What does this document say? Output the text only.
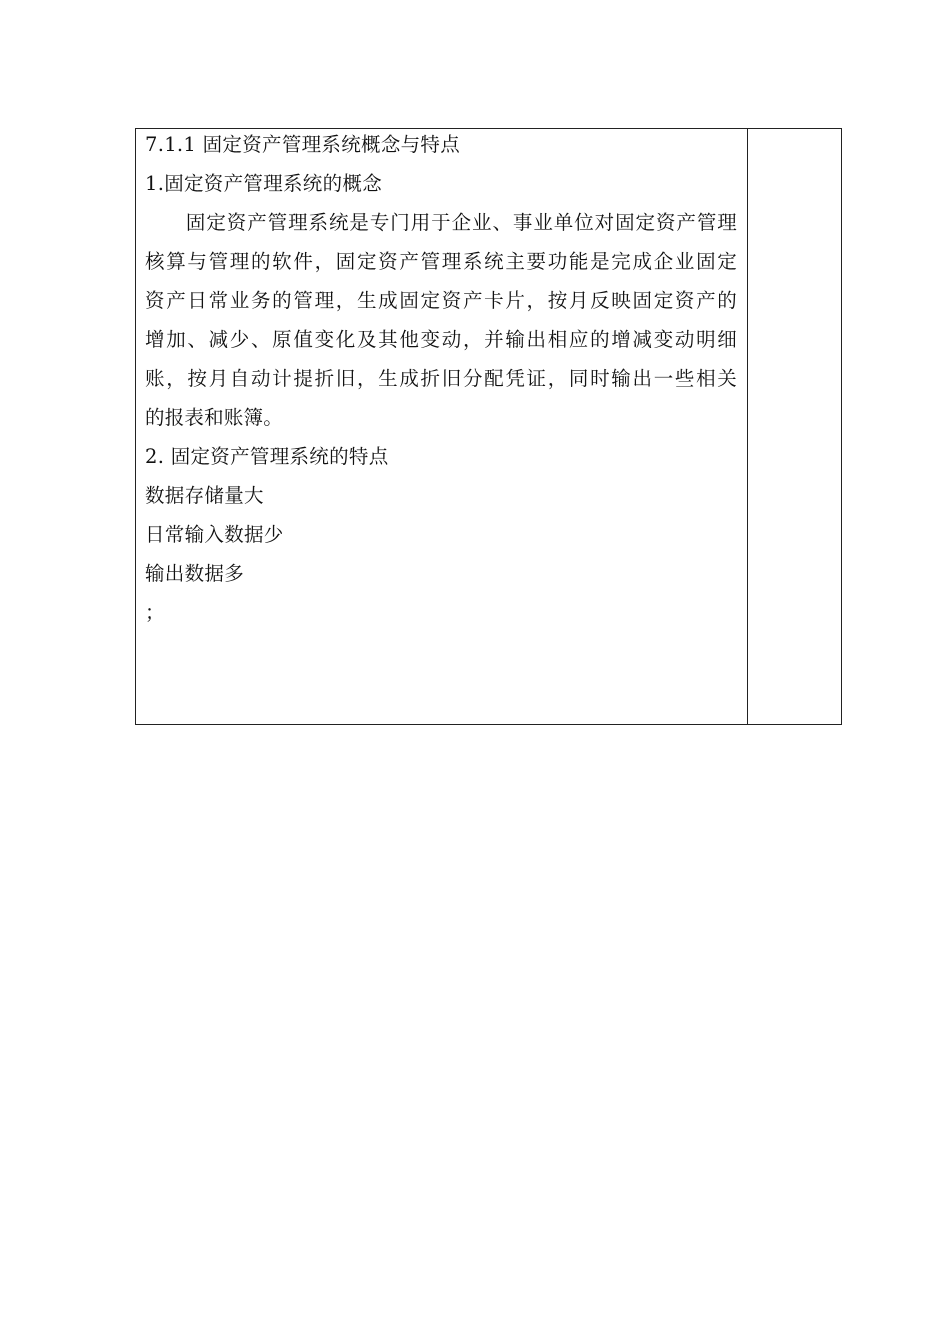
7.1.1 固定资产管理系统概念与特点
1.固定资产管理系统的概念
　　固定资产管理系统是专门用于企业、事业单位对固定资产管理
核算与管理的软件，固定资产管理系统主要功能是完成企业固定
资产日常业务的管理，生成固定资产卡片，按月反映固定资产的
增加、减少、原值变化及其他变动，并输出相应的增减变动明细
账，按月自动计提折旧，生成折旧分配凭证，同时输出一些相关
的报表和账簿。
2. 固定资产管理系统的特点
数据存储量大
日常输入数据少
输出数据多
；
